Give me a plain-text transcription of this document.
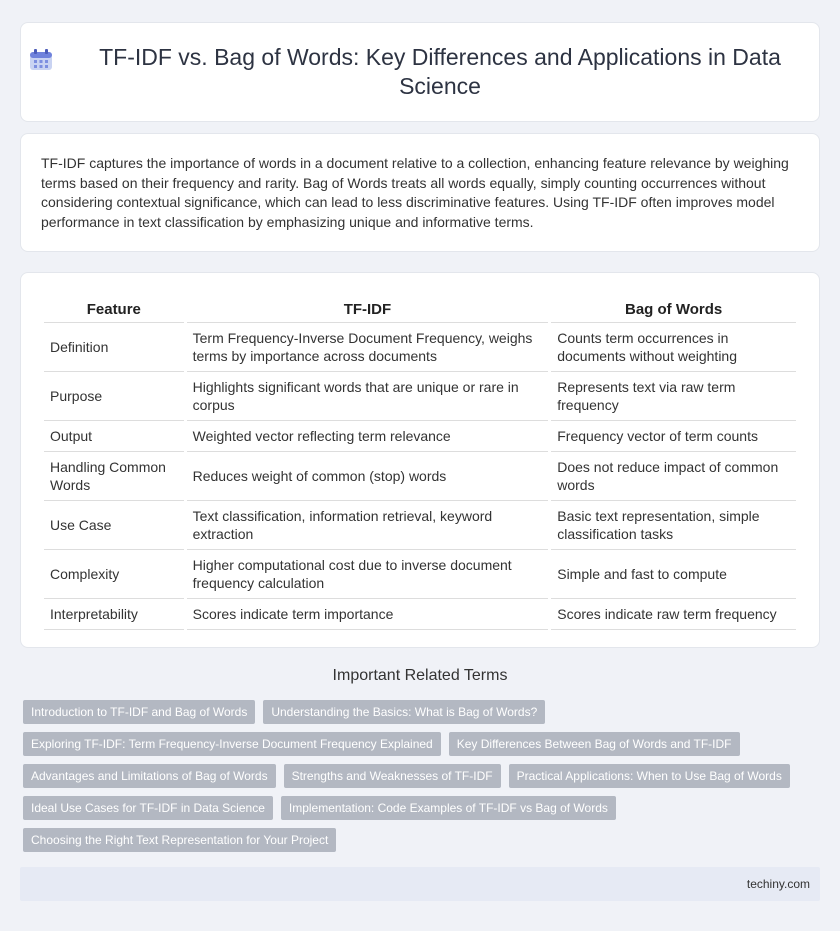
TF-IDF vs. Bag of Words: Key Differences and Applications in Data Science

TF-IDF captures the importance of words in a document relative to a collection, enhancing feature relevance by weighing terms based on their frequency and rarity. Bag of Words treats all words equally, simply counting occurrences without considering contextual significance, which can lead to less discriminative features. Using TF-IDF often improves model performance in text classification by emphasizing unique and informative terms.

Feature	TF-IDF	Bag of Words
Definition	Term Frequency-Inverse Document Frequency, weighs terms by importance across documents	Counts term occurrences in documents without weighting
Purpose	Highlights significant words that are unique or rare in corpus	Represents text via raw term frequency
Output	Weighted vector reflecting term relevance	Frequency vector of term counts
Handling Common Words	Reduces weight of common (stop) words	Does not reduce impact of common words
Use Case	Text classification, information retrieval, keyword extraction	Basic text representation, simple classification tasks
Complexity	Higher computational cost due to inverse document frequency calculation	Simple and fast to compute
Interpretability	Scores indicate term importance	Scores indicate raw term frequency
Important Related Terms
Introduction to TF-IDF and Bag of Words	Understanding the Basics: What is Bag of Words?
Exploring TF-IDF: Term Frequency-Inverse Document Frequency Explained	Key Differences Between Bag of Words and TF-IDF
Advantages and Limitations of Bag of Words	Strengths and Weaknesses of TF-IDF	Practical Applications: When to Use Bag of Words
Ideal Use Cases for TF-IDF in Data Science	Implementation: Code Examples of TF-IDF vs Bag of Words
Choosing the Right Text Representation for Your Project
techiny.com
